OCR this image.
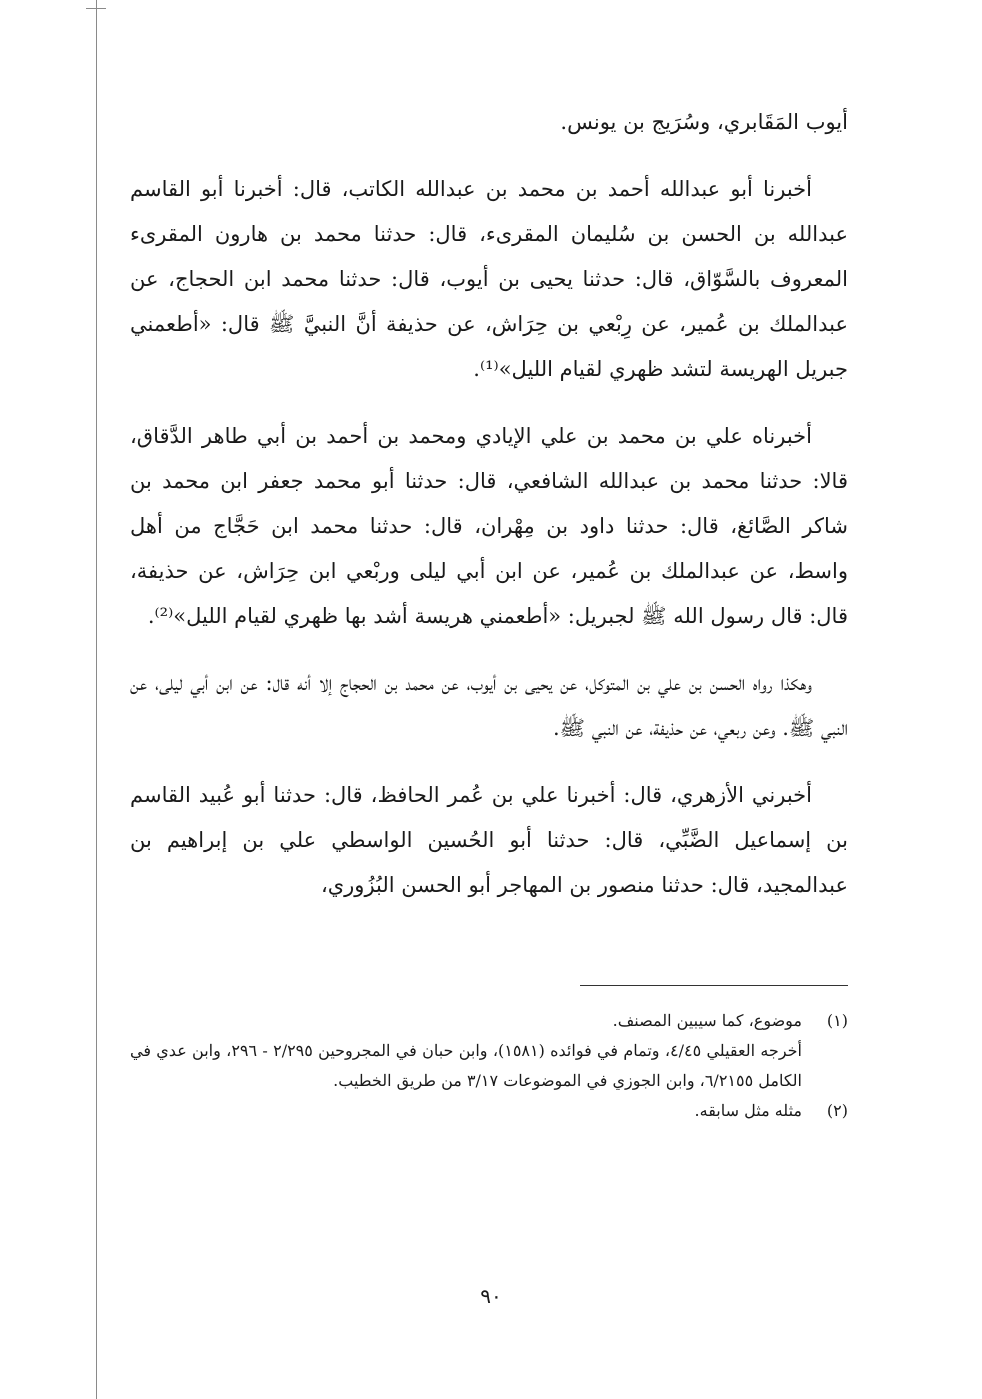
أيوب المَقَابري، وسُرَيج بن يونس.

أخبرنا أبو عبدالله أحمد بن محمد بن عبدالله الكاتب، قال: أخبرنا أبو القاسم عبدالله بن الحسن بن سُليمان المقرىء، قال: حدثنا محمد بن هارون المقرىء المعروف بالسَّوّاق، قال: حدثنا يحيى بن أيوب، قال: حدثنا محمد ابن الحجاج، عن عبدالملك بن عُمير، عن رِبْعي بن حِرَاش، عن حذيفة أنَّ النبيَّ ﷺ قال: «أطعمني جبريل الهريسة لتشد ظهري لقيام الليل»⁽¹⁾.

أخبرناه علي بن محمد بن علي الإيادي ومحمد بن أحمد بن أبي طاهر الدَّقاق، قالا: حدثنا محمد بن عبدالله الشافعي، قال: حدثنا أبو محمد جعفر ابن محمد بن شاكر الصَّائغ، قال: حدثنا داود بن مِهْران، قال: حدثنا محمد ابن حَجَّاج من أهل واسط، عن عبدالملك بن عُمير، عن ابن أبي ليلى وربْعي ابن حِرَاش، عن حذيفة، قال: قال رسول الله ﷺ لجبريل: «أطعمني هريسة أشد بها ظهري لقيام الليل»⁽²⁾.

وهكذا رواه الحسن بن علي بن المتوكل، عن يحيى بن أيوب، عن محمد بن الحجاج إلا أنه قال: عن ابن أبي ليلى، عن النبي ﷺ. وعن ربعي، عن حذيفة، عن النبي ﷺ.

أخبرني الأزهري، قال: أخبرنا علي بن عُمر الحافظ، قال: حدثنا أبو عُبيد القاسم بن إسماعيل الضَّبِّي، قال: حدثنا أبو الحُسين الواسطي علي بن إبراهيم بن عبدالمجيد، قال: حدثنا منصور بن المهاجر أبو الحسن البُزُوري،

(١)

موضوع، كما سيبين المصنف.

أخرجه العقيلي ٤/٤٥، وتمام في فوائده (١٥٨١)، وابن حبان في المجروحين ٢/٢٩٥ - ٢٩٦، وابن عدي في الكامل ٦/٢١٥٥، وابن الجوزي في الموضوعات ٣/١٧ من طريق الخطيب.

(٢)

مثله مثل سابقه.

٩٠
